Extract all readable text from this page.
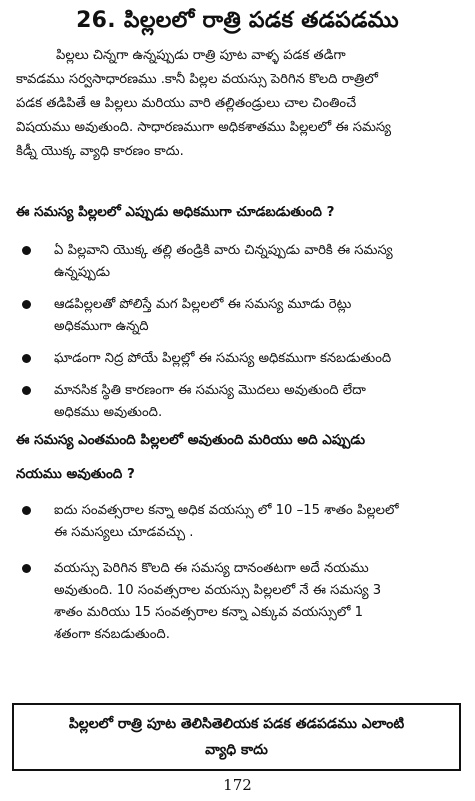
26. పిల్లలలో రాత్రి పడక తడపడము

పిల్లలు చిన్నగా ఉన్నప్పుడు రాత్రి పూట వాళ్ళ పడక తడిగా
కావడము సర్వసాధారణము .కానీ పిల్లల వయస్సు పెరిగిన కొలది రాత్రిలో
పడక తడిపితే ఆ పిల్లలు మరియు వారి తల్లితండ్రులు చాల చింతించే
విషయము అవుతుంది. సాధారణముగా అధికశాతము పిల్లలలో ఈ సమస్య
కిడ్నీ యొక్క వ్యాధి కారణం కాదు.

ఈ సమస్య పిల్లలలో ఎప్పుడు అధికముగా చూడబడుతుంది ?

ఏ పిల్లవాని యొక్క తల్లి తండ్రికి వారు చిన్నప్పుడు వారికి ఈ సమస్య
ఉన్నప్పుడు
ఆడపిల్లలతో పోలిస్తే మగ పిల్లలలో ఈ సమస్య మూడు రెట్లు
అధికముగా ఉన్నది
ఘాడంగా నిద్ర పోయే పిల్లల్లో ఈ సమస్య అధికముగా కనబడుతుంది
మానసిక స్థితి కారణంగా ఈ సమస్య మొదలు అవుతుంది లేదా
అధికము అవుతుంది.

ఈ సమస్య ఎంతమంది పిల్లలలో అవుతుంది మరియు అది ఎప్పుడు
నయము అవుతుంది ?

ఐదు సంవత్సరాల కన్నా అధిక వయస్సు లో 10 –15 శాతం పిల్లలలో
ఈ సమస్యలు చూడవచ్చు .
వయస్సు పెరిగిన కొలది ఈ సమస్య దానంతటగా అదే నయము
అవుతుంది. 10 సంవత్సరాల వయస్సు పిల్లలలో నే ఈ సమస్య 3
శాతం మరియు 15 సంవత్సరాల కన్నా ఎక్కువ వయస్సులో 1
శతంగా కనబడుతుంది.
పిల్లలలో రాత్రి పూట తెలిసితెలియక పడక తడపడము ఎలాంటి
వ్యాధి కాదు
172
